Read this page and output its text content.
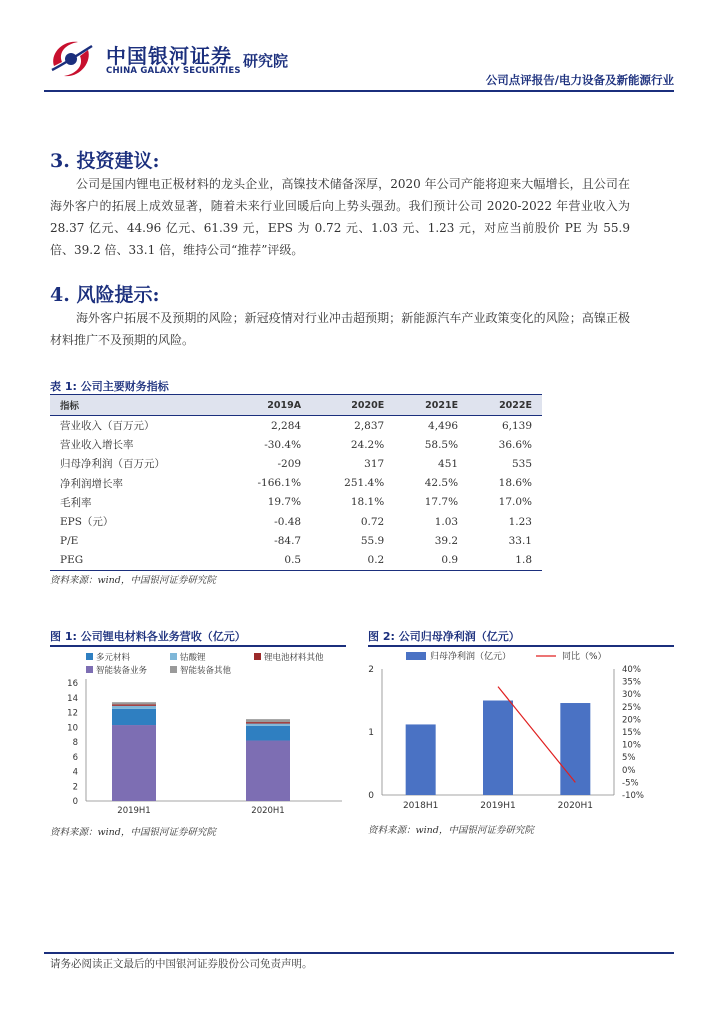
中国银河证券
CHINA GALAXY SECURITIES
研究院
公司点评报告/电力设备及新能源行业
3. 投资建议:
公司是国内锂电正极材料的龙头企业，高镍技术储备深厚，2020 年公司产能将迎来大幅增长，且公司在海外客户的拓展上成效显著，随着未来行业回暖后向上势头强劲。我们预计公司 2020-2022 年营业收入为 28.37 亿元、44.96 亿元、61.39 元，EPS 为 0.72 元、1.03 元、1.23 元，对应当前股价 PE 为 55.9 倍、39.2 倍、33.1 倍，维持公司“推荐”评级。
4. 风险提示:
海外客户拓展不及预期的风险；新冠疫情对行业冲击超预期；新能源汽车产业政策变化的风险；高镍正极材料推广不及预期的风险。
表 1: 公司主要财务指标
指标	2019A	2020E	2021E	2022E
营业收入（百万元）	2,284	2,837	4,496	6,139
营业收入增长率	-30.4%	24.2%	58.5%	36.6%
归母净利润（百万元）	-209	317	451	535
净利润增长率	-166.1%	251.4%	42.5%	18.6%
毛利率	19.7%	18.1%	17.7%	17.0%
EPS（元）	-0.48	0.72	1.03	1.23
P/E	-84.7	55.9	39.2	33.1
PEG	0.5	0.2	0.9	1.8
资料来源：wind，中国银河证券研究院
图 1: 公司锂电材料各业务营收（亿元）
多元材料	钴酸锂	锂电池材料其他
智能装备业务	智能装备其他
0
2
4
6
8
10
12
14
16
2019H1	2020H1
资料来源：wind，中国银河证券研究院
图 2: 公司归母净利润（亿元）
归母净利润（亿元）	同比（%）
0
1
2	40%
35%
30%
25%
20%
15%
10%
5%
0%
-5%
-10%
2018H1	2019H1	2020H1
资料来源：wind，中国银河证券研究院
请务必阅读正文最后的中国银河证券股份公司免责声明。
